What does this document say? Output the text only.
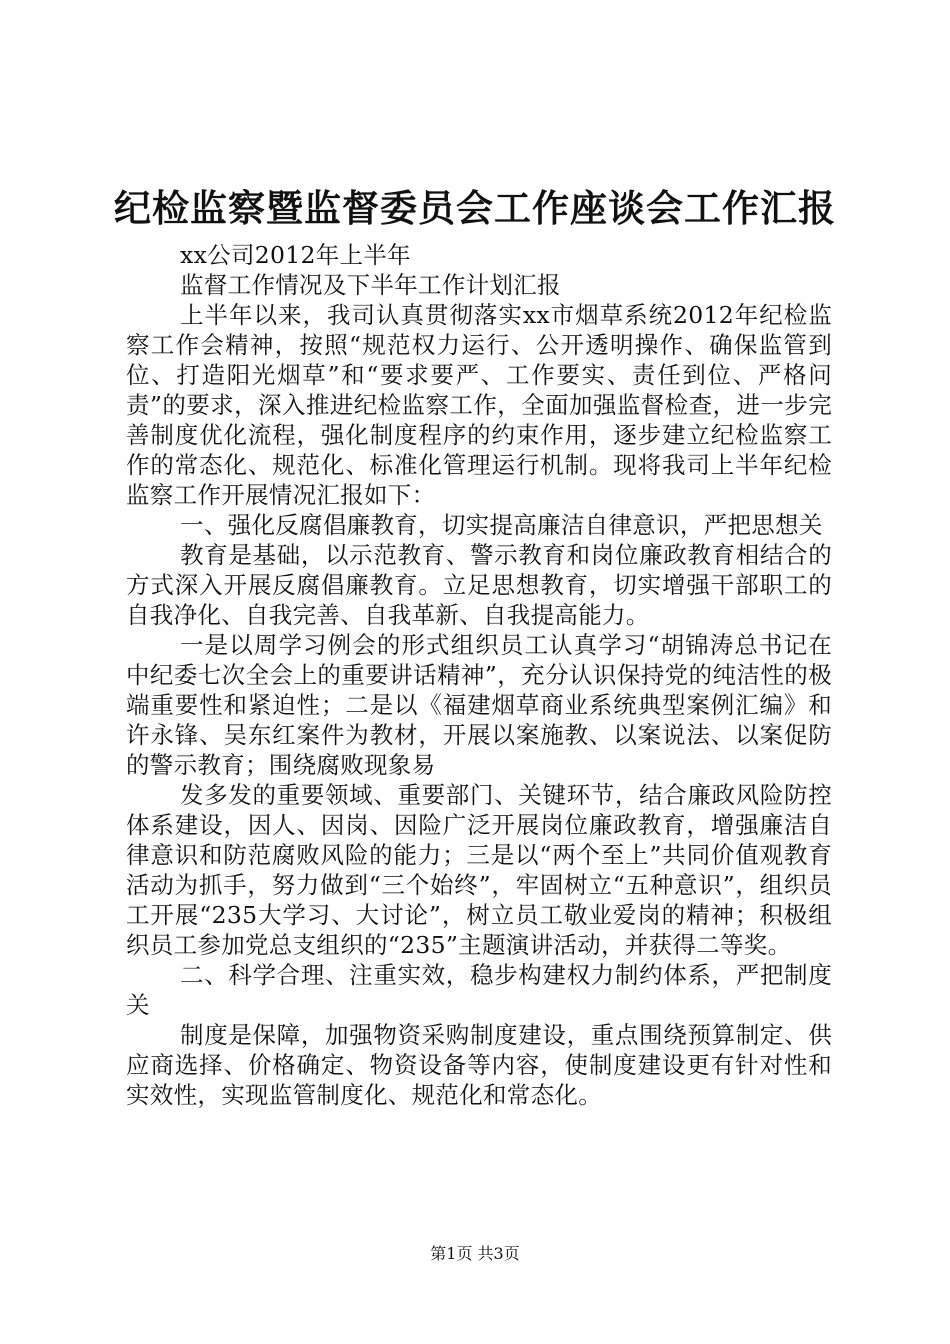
纪检监察暨监督委员会工作座谈会工作汇报

xx公司2012年上半年

监督工作情况及下半年工作计划汇报

上半年以来，我司认真贯彻落实xx市烟草系统2012年纪检监察工作会精神，按照“规范权力运行、公开透明操作、确保监管到位、打造阳光烟草”和“要求要严、工作要实、责任到位、严格问责”的要求，深入推进纪检监察工作，全面加强监督检查，进一步完善制度优化流程，强化制度程序的约束作用，逐步建立纪检监察工作的常态化、规范化、标准化管理运行机制。现将我司上半年纪检监察工作开展情况汇报如下：

一、强化反腐倡廉教育，切实提高廉洁自律意识，严把思想关

教育是基础，以示范教育、警示教育和岗位廉政教育相结合的方式深入开展反腐倡廉教育。立足思想教育，切实增强干部职工的自我净化、自我完善、自我革新、自我提高能力。

一是以周学习例会的形式组织员工认真学习“胡锦涛总书记在中纪委七次全会上的重要讲话精神”，充分认识保持党的纯洁性的极端重要性和紧迫性；二是以《福建烟草商业系统典型案例汇编》和许永锋、吴东红案件为教材，开展以案施教、以案说法、以案促防的警示教育；围绕腐败现象易

发多发的重要领域、重要部门、关键环节，结合廉政风险防控体系建设，因人、因岗、因险广泛开展岗位廉政教育，增强廉洁自律意识和防范腐败风险的能力；三是以“两个至上”共同价值观教育活动为抓手，努力做到“三个始终”，牢固树立“五种意识”，组织员工开展“235大学习、大讨论”，树立员工敬业爱岗的精神；积极组织员工参加党总支组织的“235”主题演讲活动，并获得二等奖。

二、科学合理、注重实效，稳步构建权力制约体系，严把制度关

制度是保障，加强物资采购制度建设，重点围绕预算制定、供应商选择、价格确定、物资设备等内容，使制度建设更有针对性和实效性，实现监管制度化、规范化和常态化。

第1页 共3页
